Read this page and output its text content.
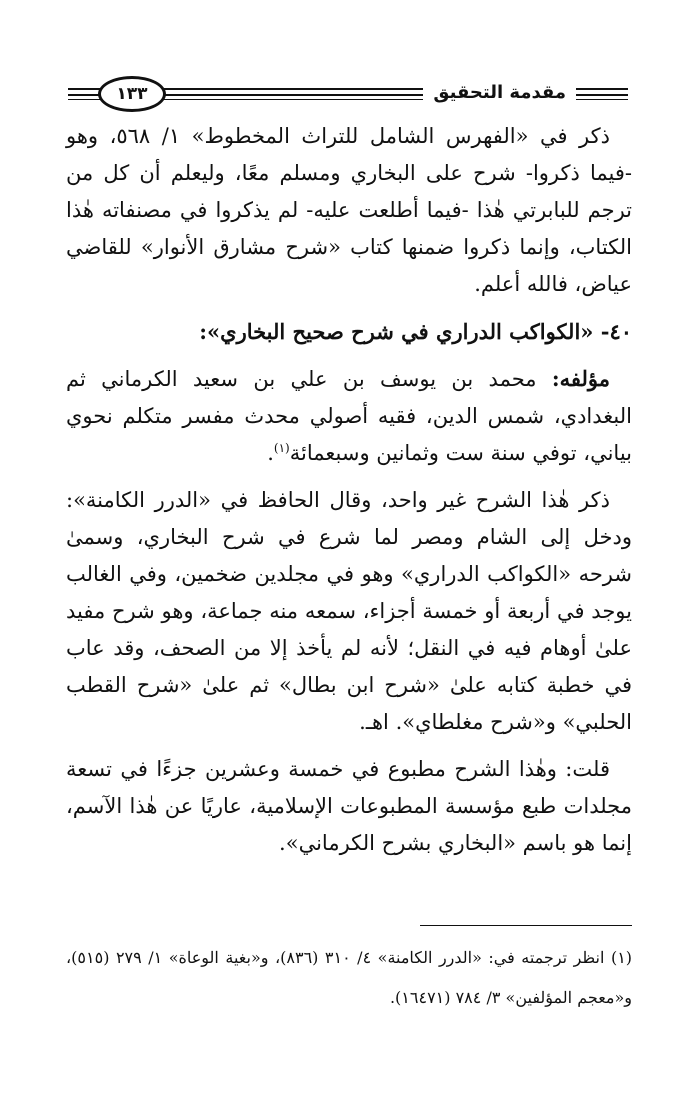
مقدمة التحقيق
١٣٣

ذكر في «الفهرس الشامل للتراث المخطوط» ١/ ٥٦٨، وهو -فيما ذكروا- شرح على البخاري ومسلم معًا، وليعلم أن كل من ترجم للبابرتي هٰذا -فيما أطلعت عليه- لم يذكروا في مصنفاته هٰذا الكتاب، وإنما ذكروا ضمنها كتاب «شرح مشارق الأنوار» للقاضي عياض، فالله أعلم.

٤٠- «الكواكب الدراري في شرح صحيح البخاري»:

مؤلفه: محمد بن يوسف بن علي بن سعيد الكرماني ثم البغدادي، شمس الدين، فقيه أصولي محدث مفسر متكلم نحوي بياني، توفي سنة ست وثمانين وسبعمائة$^{(١)}$.

ذكر هٰذا الشرح غير واحد، وقال الحافظ في «الدرر الكامنة»: ودخل إلى الشام ومصر لما شرع في شرح البخاري، وسمىٰ شرحه «الكواكب الدراري» وهو في مجلدين ضخمين، وفي الغالب يوجد في أربعة أو خمسة أجزاء، سمعه منه جماعة، وهو شرح مفيد علىٰ أوهام فيه في النقل؛ لأنه لم يأخذ إلا من الصحف، وقد عاب في خطبة كتابه علىٰ «شرح ابن بطال» ثم علىٰ «شرح القطب الحلبي» و«شرح مغلطاي». اهـ.

قلت: وهٰذا الشرح مطبوع في خمسة وعشرين جزءًا في تسعة مجلدات طبع مؤسسة المطبوعات الإسلامية، عاريًا عن هٰذا الآسم، إنما هو باسم «البخاري بشرح الكرماني».

(١) انظر ترجمته في: «الدرر الكامنة» ٤/ ٣١٠ (٨٣٦)، و«بغية الوعاة» ١/ ٢٧٩ (٥١٥)، و«معجم المؤلفين» ٣/ ٧٨٤ (١٦٤٧١).
